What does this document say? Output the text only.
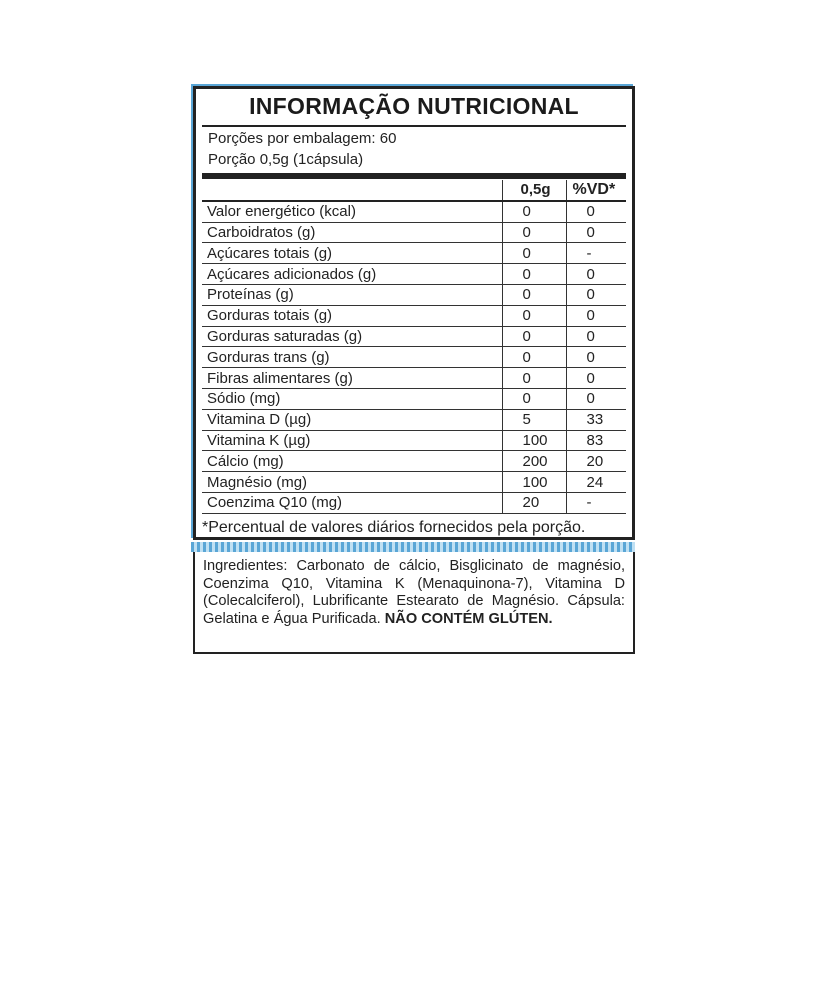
INFORMAÇÃO NUTRICIONAL
Porções por embalagem: 60
Porção 0,5g (1cápsula)
	0,5g	%VD*
Valor energético (kcal)	0	0
Carboidratos (g)	0	0
Açúcares totais (g)	0	-
Açúcares adicionados (g)	0	0
Proteínas (g)	0	0
Gorduras totais (g)	0	0
Gorduras saturadas (g)	0	0
Gorduras trans (g)	0	0
Fibras alimentares (g)	0	0
Sódio (mg)	0	0
Vitamina D (µg)	5	33
Vitamina K (µg)	100	83
Cálcio (mg)	200	20
Magnésio (mg)	100	24
Coenzima Q10 (mg)	20	-
*Percentual de valores diários fornecidos pela porção.
Ingredientes: Carbonato de cálcio, Bisglicinato de magnésio, Coenzima Q10, Vitamina K (Menaquinona-7), Vitamina D (Colecalciferol), Lubrificante Estearato de Magnésio. Cápsula: Gelatina e Água Purificada. NÃO CONTÉM GLÚTEN.
